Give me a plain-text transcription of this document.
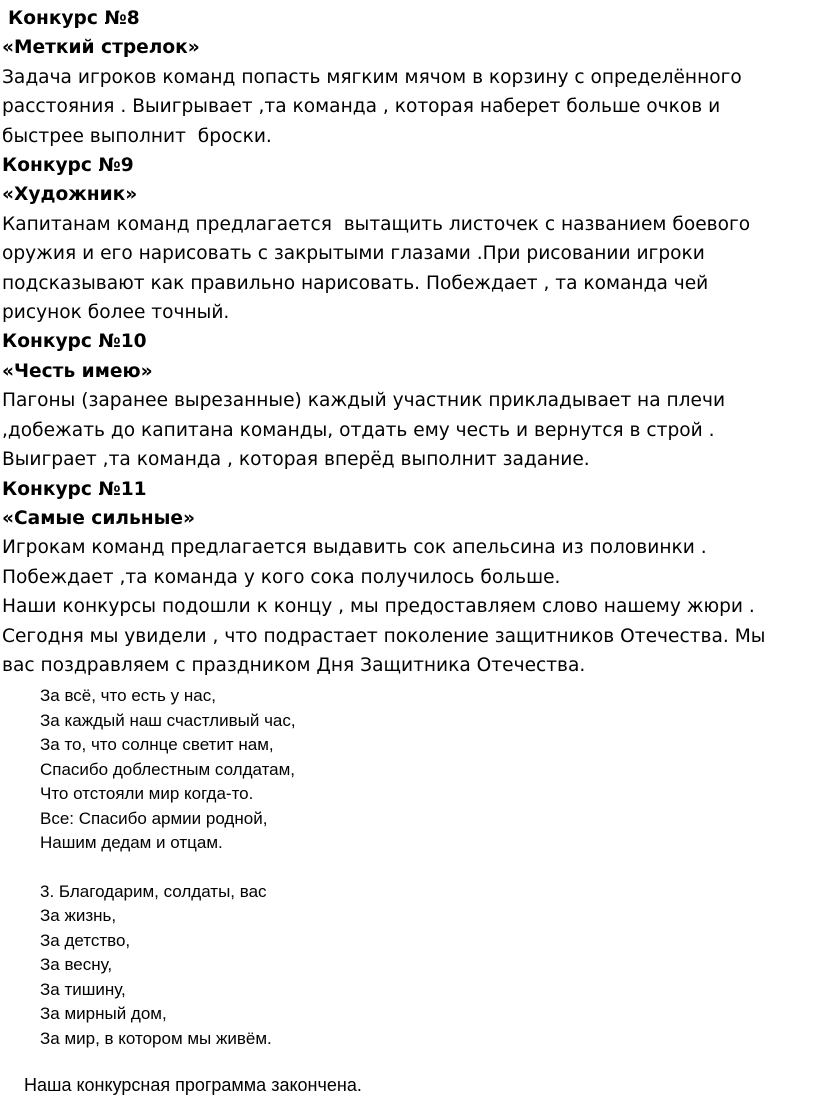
Конкурс №8

«Меткий стрелок»

Задача игроков команд попасть мягким мячом в корзину с определённого
расстояния . Выигрывает ,та команда , которая наберет больше очков и
быстрее выполнит  броски.

Конкурс №9

«Художник»

Капитанам команд предлагается  вытащить листочек с названием боевого
оружия и его нарисовать с закрытыми глазами .При рисовании игроки
подсказывают как правильно нарисовать. Побеждает , та команда чей
рисунок более точный.

Конкурс №10

«Честь имею»

Пагоны (заранее вырезанные) каждый участник прикладывает на плечи
,добежать до капитана команды, отдать ему честь и вернутся в строй .
Выиграет ,та команда , которая вперёд выполнит задание.

Конкурс №11

«Самые сильные»

Игрокам команд предлагается выдавить сок апельсина из половинки .
Побеждает ,та команда у кого сока получилось больше.
Наши конкурсы подошли к концу , мы предоставляем слово нашему жюри .
Сегодня мы увидели , что подрастает поколение защитников Отечества. Мы
вас поздравляем с праздником Дня Защитника Отечества.
За всё, что есть у нас,
За каждый наш счастливый час,
За то, что солнце светит нам,
Спасибо доблестным солдатам,
Что отстояли мир когда-то.
Все: Спасибо армии родной,
Нашим дедам и отцам.
3. Благодарим, солдаты, вас
За жизнь,
За детство,
За весну,
За тишину,
За мирный дом,
За мир, в котором мы живём.

Наша конкурсная программа закончена.
